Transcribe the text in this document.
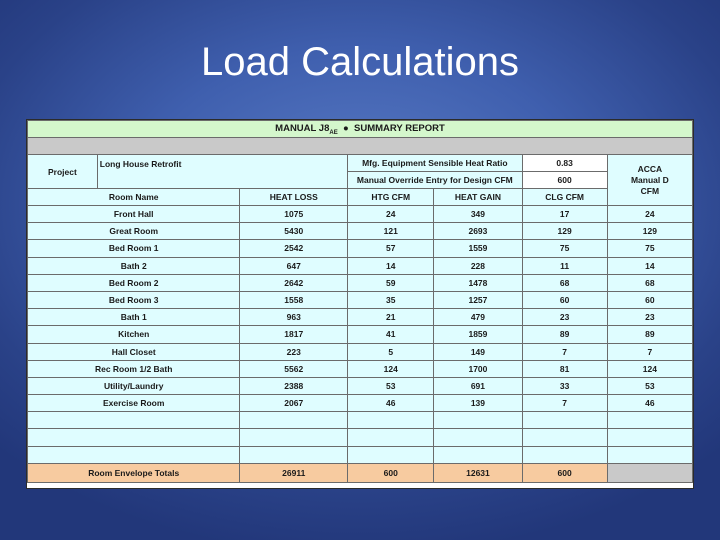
Load Calculations
MANUAL $J8_{AE}$ ● SUMMARY REPORT						

Project	Long House Retrofit		Mfg. Equipment Sensible Heat Ratio		0.83	ACCA
Manual D
CFM
			Manual Override Entry for Design CFM		600	
Room Name		HEAT LOSS	HTG CFM	HEAT GAIN	CLG CFM	
Front Hall		1075	24	349	17	24
Great Room		5430	121	2693	129	129
Bed Room 1		2542	57	1559	75	75
Bath 2		647	14	228	11	14
Bed Room 2		2642	59	1478	68	68
Bed Room 3		1558	35	1257	60	60
Bath 1		963	21	479	23	23
Kitchen		1817	41	1859	89	89
Hall Closet		223	5	149	7	7
Rec Room 1/2 Bath		5562	124	1700	81	124
Utility/Laundry		2388	53	691	33	53
Exercise Room		2067	46	139	7	46

Room Envelope Totals		26911	600	12631	600	
